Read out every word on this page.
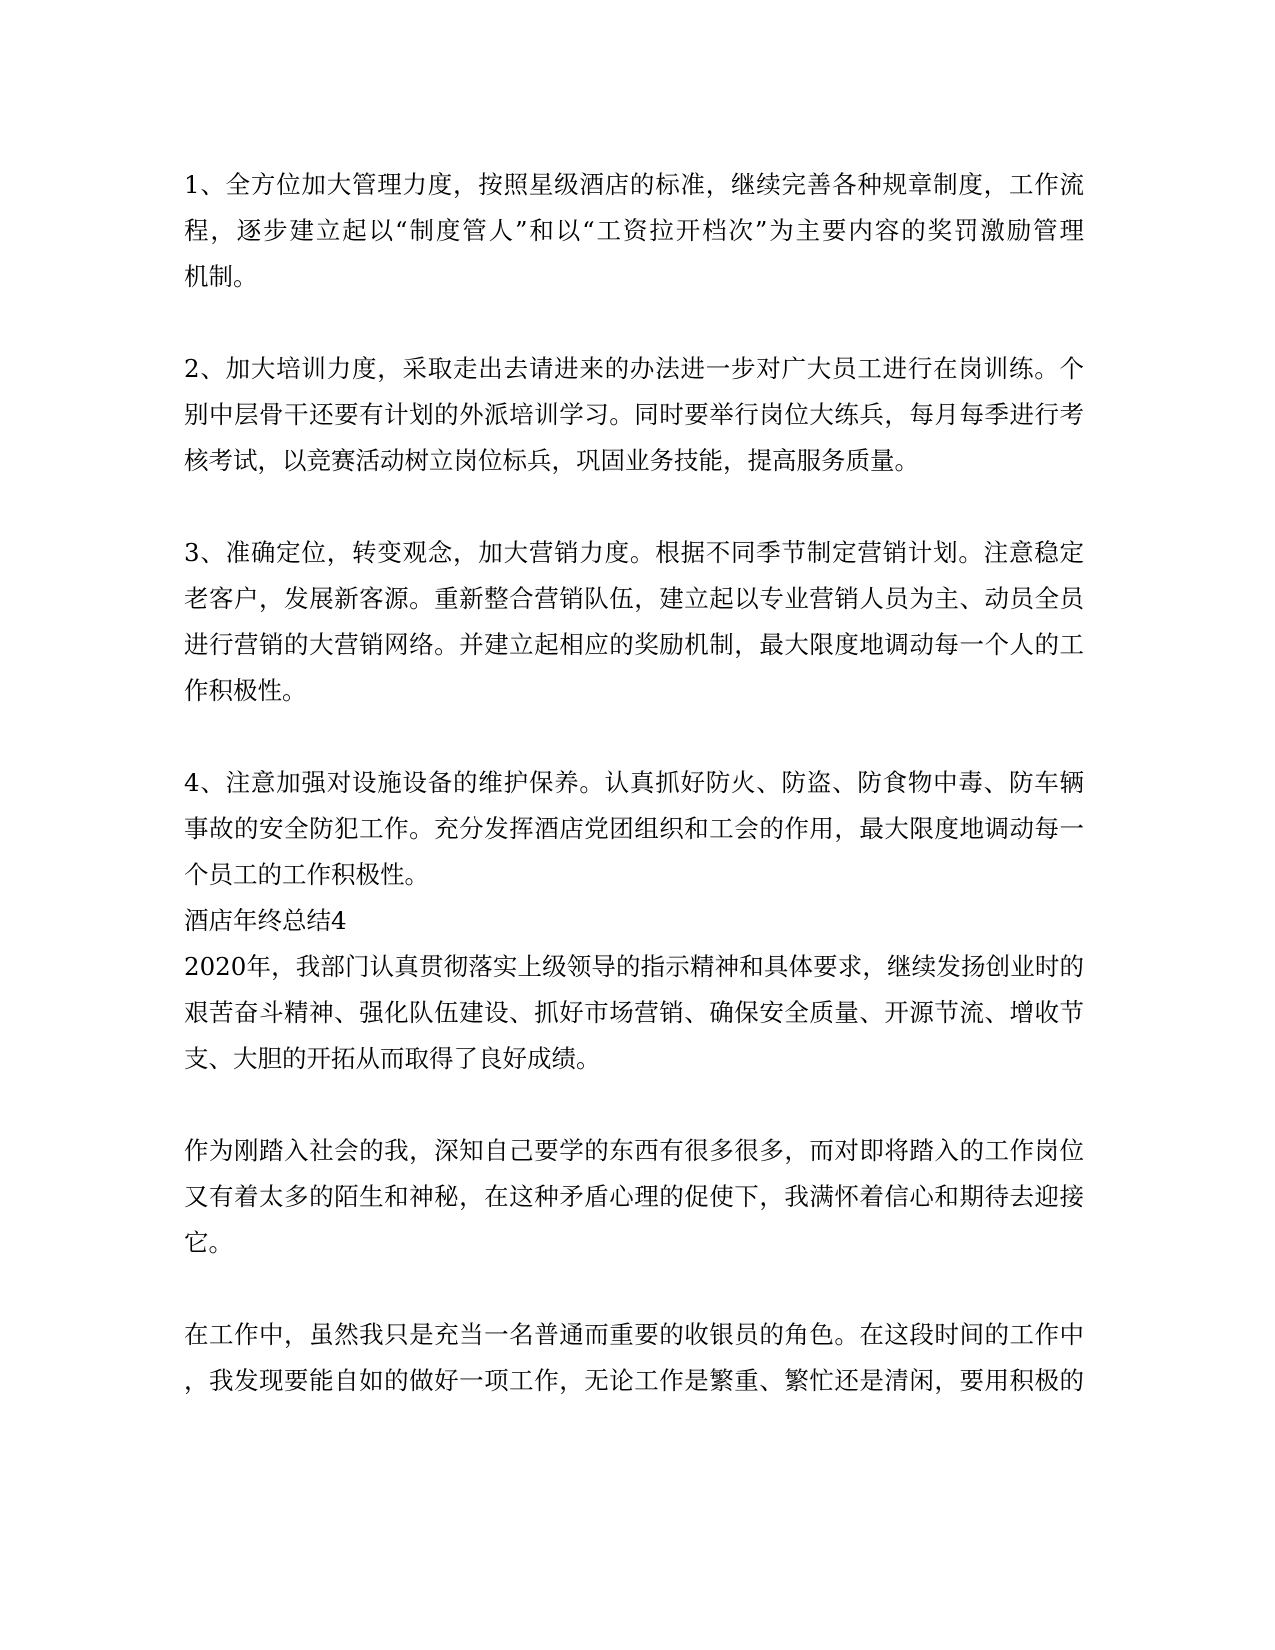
1、全方位加大管理力度，按照星级酒店的标准，继续完善各种规章制度，工作流
程，逐步建立起以“制度管人”和以“工资拉开档次”为主要内容的奖罚激励管理
机制。
2、加大培训力度，采取走出去请进来的办法进一步对广大员工进行在岗训练。个
别中层骨干还要有计划的外派培训学习。同时要举行岗位大练兵，每月每季进行考
核考试，以竞赛活动树立岗位标兵，巩固业务技能，提高服务质量。
3、准确定位，转变观念，加大营销力度。根据不同季节制定营销计划。注意稳定
老客户，发展新客源。重新整合营销队伍，建立起以专业营销人员为主、动员全员
进行营销的大营销网络。并建立起相应的奖励机制，最大限度地调动每一个人的工
作积极性。
4、注意加强对设施设备的维护保养。认真抓好防火、防盗、防食物中毒、防车辆
事故的安全防犯工作。充分发挥酒店党团组织和工会的作用，最大限度地调动每一
个员工的工作积极性。
酒店年终总结4
2020年，我部门认真贯彻落实上级领导的指示精神和具体要求，继续发扬创业时的
艰苦奋斗精神、强化队伍建设、抓好市场营销、确保安全质量、开源节流、增收节
支、大胆的开拓从而取得了良好成绩。
作为刚踏入社会的我，深知自己要学的东西有很多很多，而对即将踏入的工作岗位
又有着太多的陌生和神秘，在这种矛盾心理的促使下，我满怀着信心和期待去迎接
它。
在工作中，虽然我只是充当一名普通而重要的收银员的角色。在这段时间的工作中
，我发现要能自如的做好一项工作，无论工作是繁重、繁忙还是清闲，要用积极的
